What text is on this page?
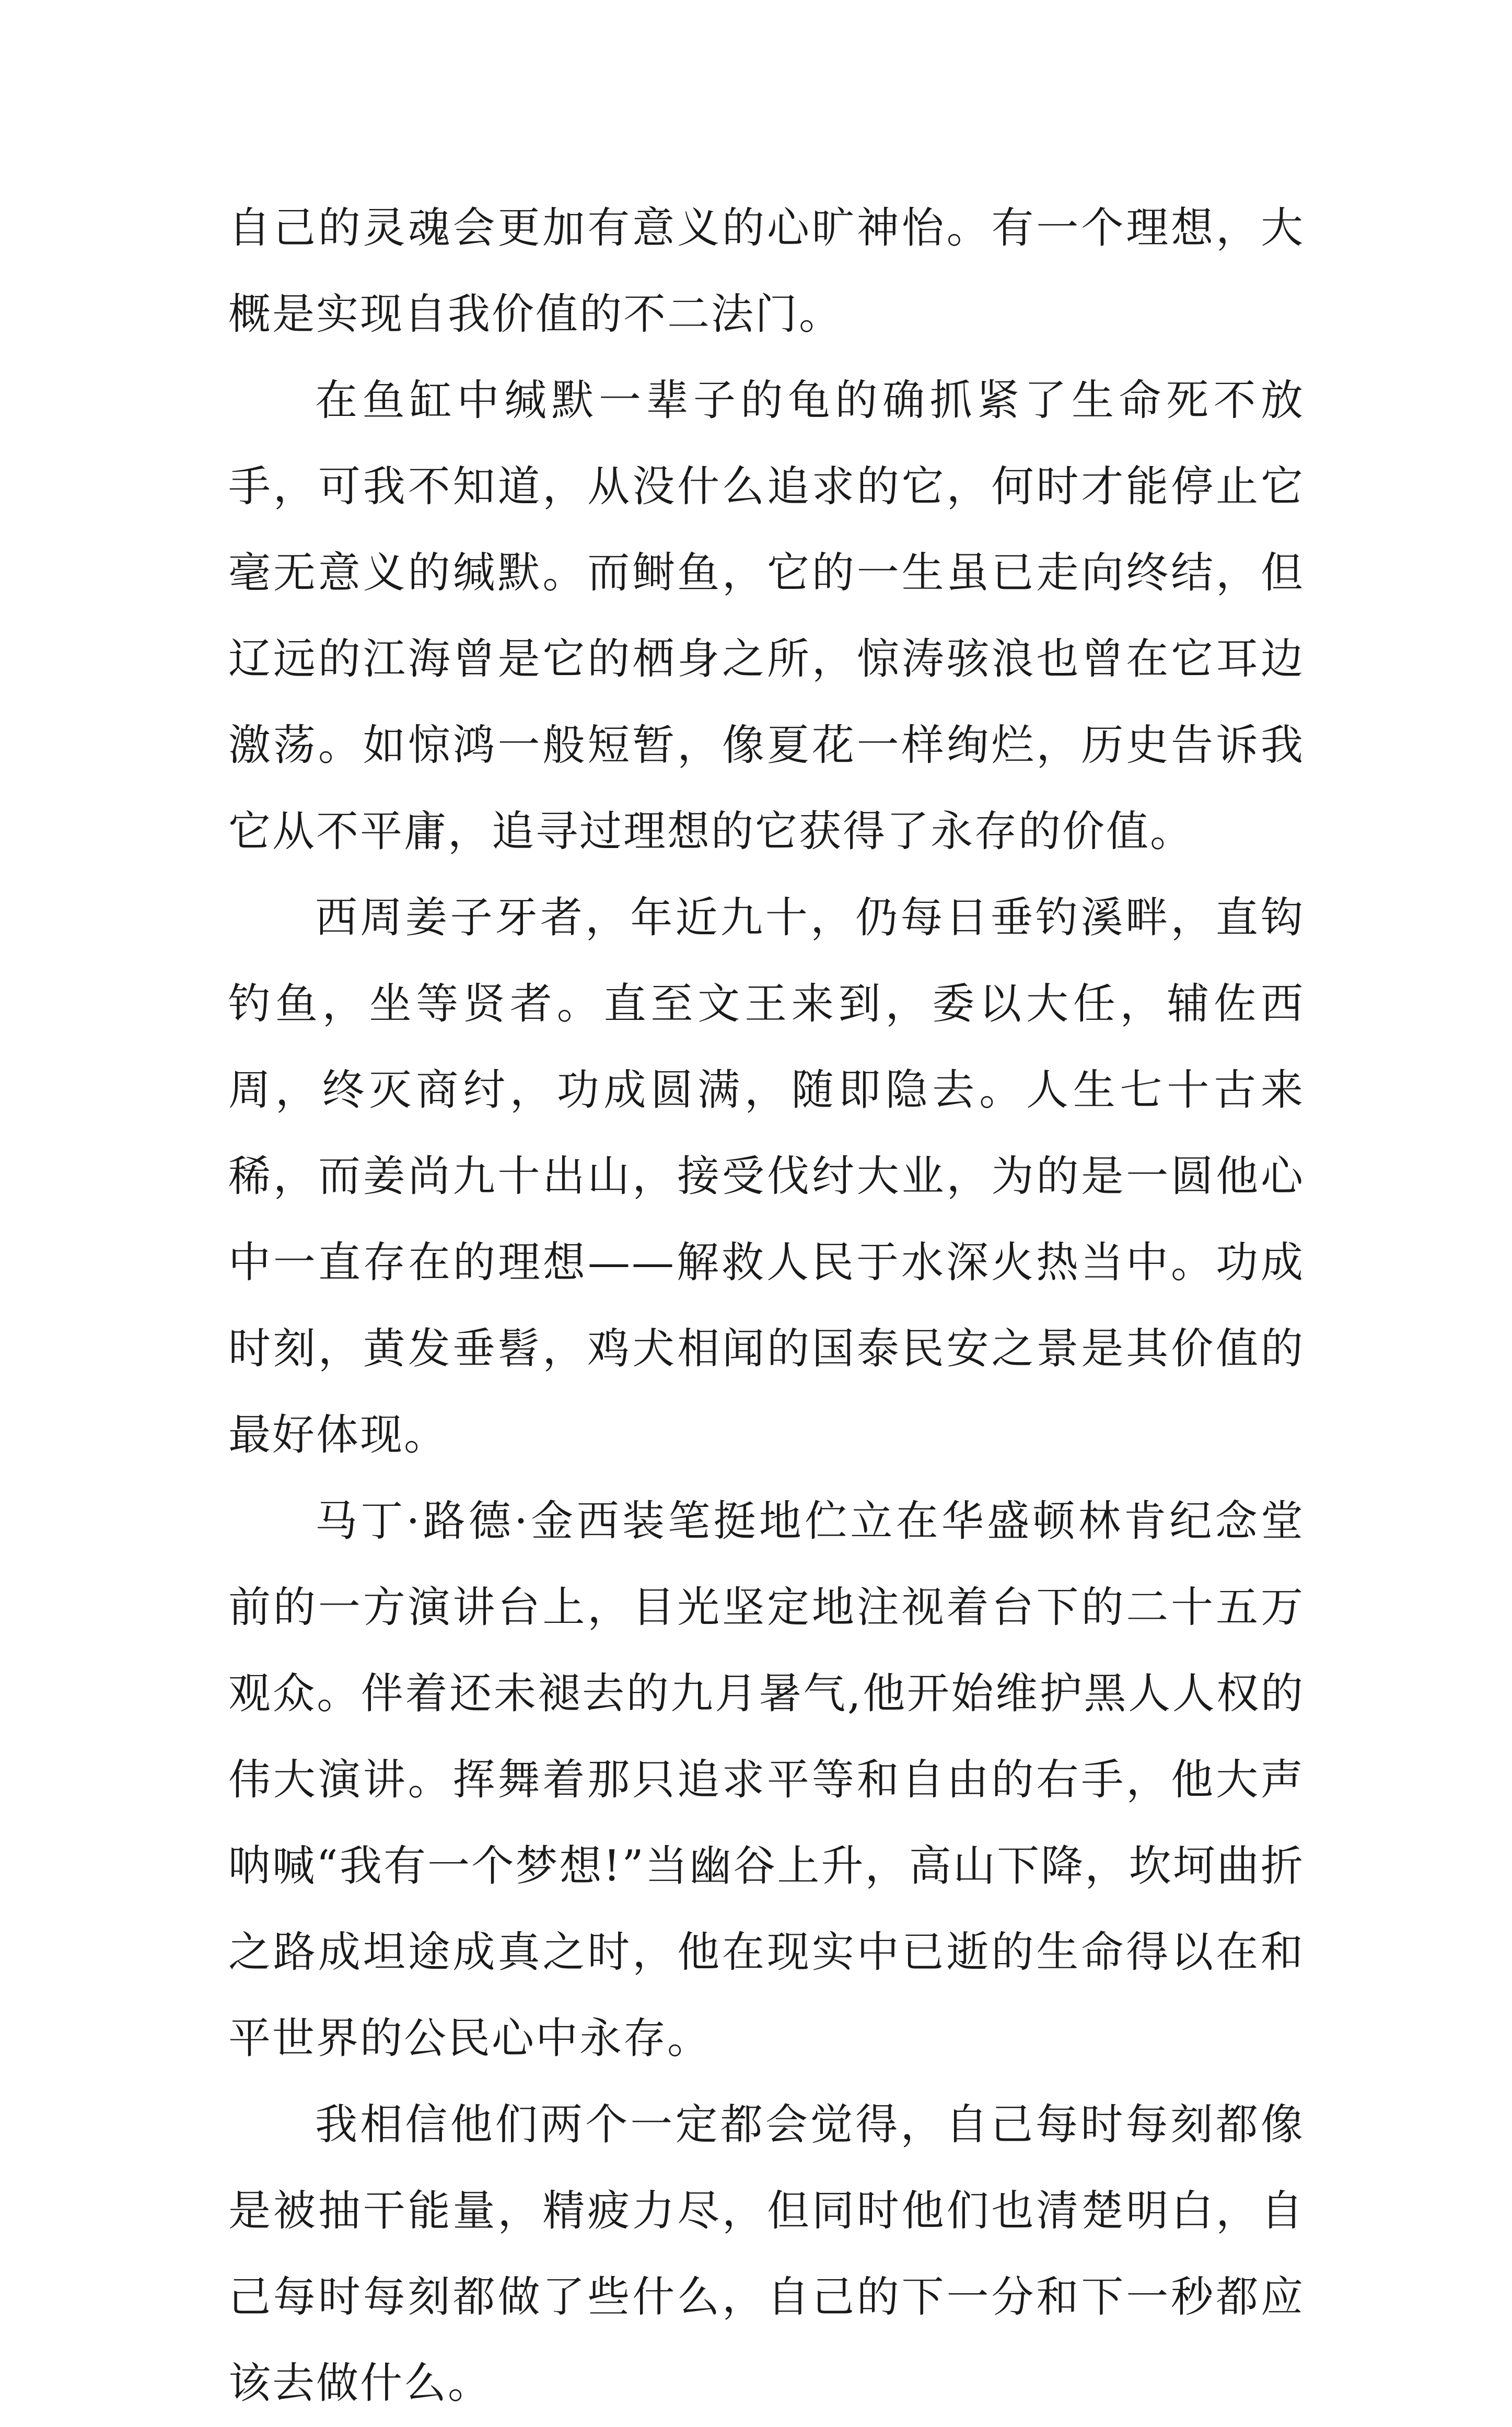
自己的灵魂会更加有意义的心旷神怡。有一个理想，大概是实现自我价值的不二法门。

在鱼缸中缄默一辈子的龟的确抓紧了生命死不放手，可我不知道，从没什么追求的它，何时才能停止它毫无意义的缄默。而鲥鱼，它的一生虽已走向终结，但辽远的江海曾是它的栖身之所，惊涛骇浪也曾在它耳边激荡。如惊鸿一般短暂，像夏花一样绚烂，历史告诉我它从不平庸，追寻过理想的它获得了永存的价值。

西周姜子牙者，年近九十，仍每日垂钓溪畔，直钩钓鱼，坐等贤者。直至文王来到，委以大任，辅佐西周，终灭商纣，功成圆满，随即隐去。人生七十古来稀，而姜尚九十出山，接受伐纣大业，为的是一圆他心中一直存在的理想——解救人民于水深火热当中。功成时刻，黄发垂髫，鸡犬相闻的国泰民安之景是其价值的最好体现。

马丁·路德·金西装笔挺地伫立在华盛顿林肯纪念堂前的一方演讲台上，目光坚定地注视着台下的二十五万观众。伴着还未褪去的九月暑气,他开始维护黑人人权的伟大演讲。挥舞着那只追求平等和自由的右手，他大声呐喊“我有一个梦想!”当幽谷上升，高山下降，坎坷曲折之路成坦途成真之时，他在现实中已逝的生命得以在和平世界的公民心中永存。

我相信他们两个一定都会觉得，自己每时每刻都像是被抽干能量，精疲力尽，但同时他们也清楚明白，自己每时每刻都做了些什么，自己的下一分和下一秒都应该去做什么。
